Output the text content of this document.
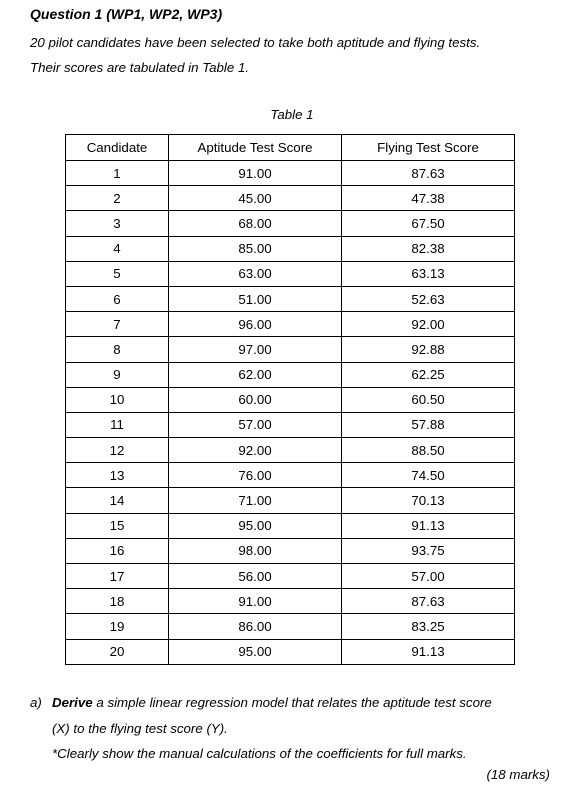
Question 1 (WP1, WP2, WP3)

20 pilot candidates have been selected to take both aptitude and flying tests.

Their scores are tabulated in Table 1.

Table 1
Candidate	Aptitude Test Score	Flying Test Score
1	91.00	87.63
2	45.00	47.38
3	68.00	67.50
4	85.00	82.38
5	63.00	63.13
6	51.00	52.63
7	96.00	92.00
8	97.00	92.88
9	62.00	62.25
10	60.00	60.50
11	57.00	57.88
12	92.00	88.50
13	76.00	74.50
14	71.00	70.13
15	95.00	91.13
16	98.00	93.75
17	56.00	57.00
18	91.00	87.63
19	86.00	83.25
20	95.00	91.13
a) Derive a simple linear regression model that relates the aptitude test score
(X) to the flying test score (Y).
*Clearly show the manual calculations of the coefficients for full marks.
(18 marks)
